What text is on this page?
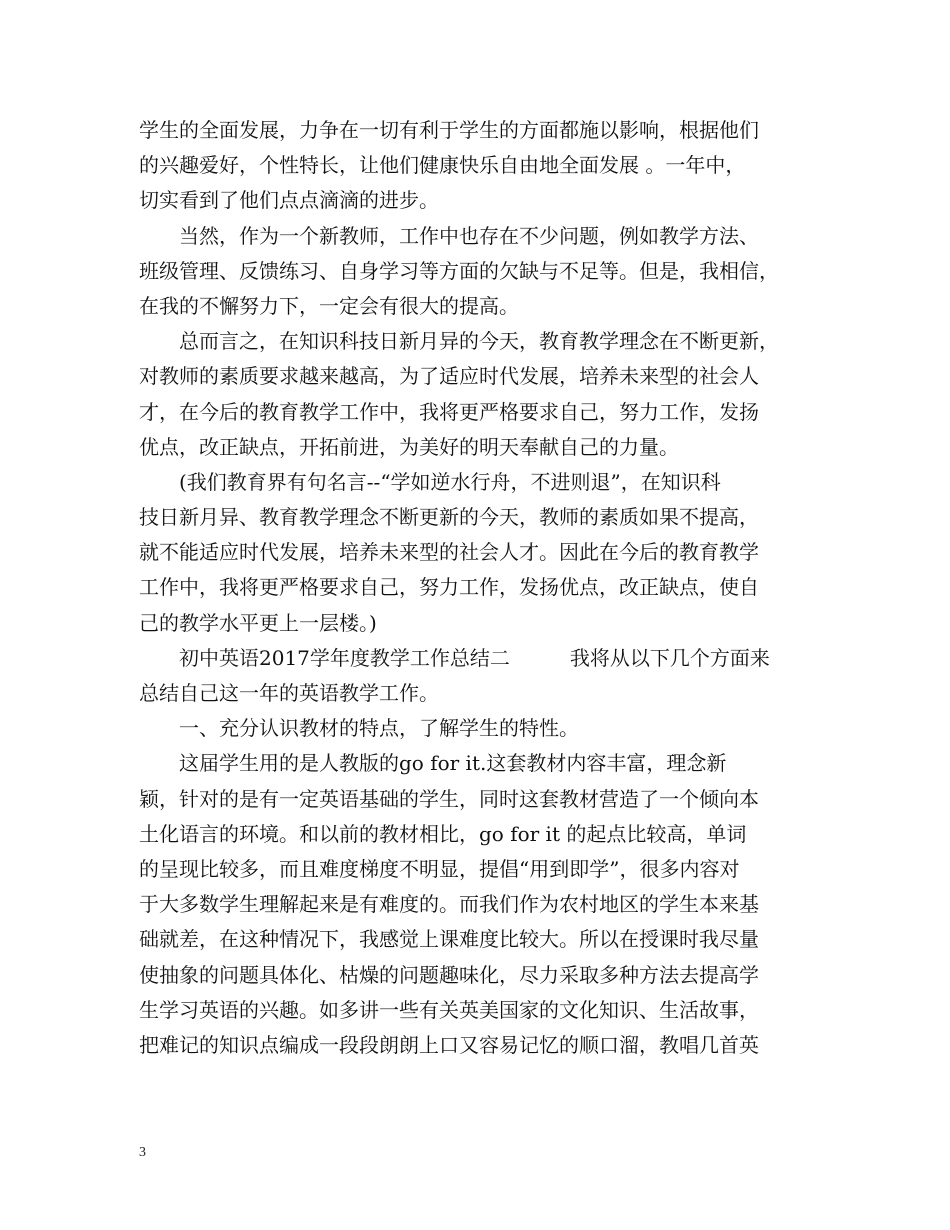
学生的全面发展，力争在一切有利于学生的方面都施以影响，根据他们
的兴趣爱好，个性特长，让他们健康快乐自由地全面发展 。一年中，
切实看到了他们点点滴滴的进步。
　　当然，作为一个新教师，工作中也存在不少问题，例如教学方法、
班级管理、反馈练习、自身学习等方面的欠缺与不足等。但是，我相信，
在我的不懈努力下，一定会有很大的提高。
　　总而言之，在知识科技日新月异的今天，教育教学理念在不断更新，
对教师的素质要求越来越高，为了适应时代发展，培养未来型的社会人
才，在今后的教育教学工作中，我将更严格要求自己，努力工作，发扬
优点，改正缺点，开拓前进，为美好的明天奉献自己的力量。
　　(我们教育界有句名言--“学如逆水行舟，不进则退”，在知识科
技日新月异、教育教学理念不断更新的今天，教师的素质如果不提高，
就不能适应时代发展，培养未来型的社会人才。因此在今后的教育教学
工作中，我将更严格要求自己，努力工作，发扬优点，改正缺点，使自
己的教学水平更上一层楼。)
　　初中英语2017学年度教学工作总结二　　　我将从以下几个方面来
总结自己这一年的英语教学工作。
　　一、充分认识教材的特点，了解学生的特性。
　　这届学生用的是人教版的go for it.这套教材内容丰富，理念新
颖，针对的是有一定英语基础的学生，同时这套教材营造了一个倾向本
土化语言的环境。和以前的教材相比，go for it 的起点比较高，单词
的呈现比较多，而且难度梯度不明显，提倡“用到即学”，很多内容对
于大多数学生理解起来是有难度的。而我们作为农村地区的学生本来基
础就差，在这种情况下，我感觉上课难度比较大。所以在授课时我尽量
使抽象的问题具体化、枯燥的问题趣味化，尽力采取多种方法去提高学
生学习英语的兴趣。如多讲一些有关英美国家的文化知识、生活故事，
把难记的知识点编成一段段朗朗上口又容易记忆的顺口溜，教唱几首英
3
